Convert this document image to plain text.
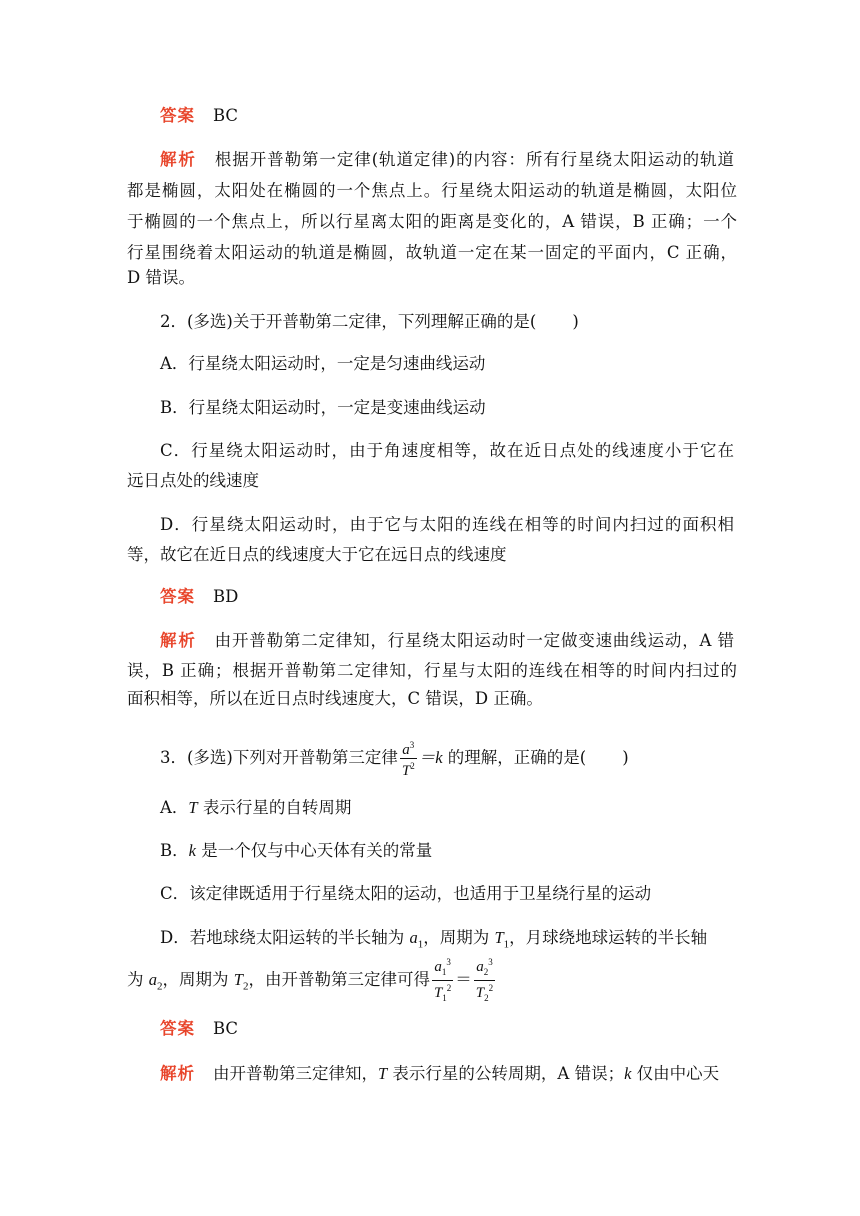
答案 BC
解析 根据开普勒第一定律(轨道定律)的内容：所有行星绕太阳运动的轨道
都是椭圆，太阳处在椭圆的一个焦点上。行星绕太阳运动的轨道是椭圆，太阳位
于椭圆的一个焦点上，所以行星离太阳的距离是变化的，A 错误，B 正确；一个
行星围绕着太阳运动的轨道是椭圆，故轨道一定在某一固定的平面内，C 正确，
D 错误。
2．(多选)关于开普勒第二定律，下列理解正确的是( )
A．行星绕太阳运动时，一定是匀速曲线运动
B．行星绕太阳运动时，一定是变速曲线运动
C．行星绕太阳运动时，由于角速度相等，故在近日点处的线速度小于它在
远日点处的线速度
D．行星绕太阳运动时，由于它与太阳的连线在相等的时间内扫过的面积相
等，故它在近日点的线速度大于它在远日点的线速度
答案 BD
解析 由开普勒第二定律知，行星绕太阳运动时一定做变速曲线运动，A 错
误，B 正确；根据开普勒第二定律知，行星与太阳的连线在相等的时间内扫过的
面积相等，所以在近日点时线速度大，C 错误，D 正确。
3．(多选)下列对开普勒第三定律 $\frac{a^3}{T^2} =k$ 的理解，正确的是( )
A．T 表示行星的自转周期
B．k 是一个仅与中心天体有关的常量
C．该定律既适用于行星绕太阳的运动，也适用于卫星绕行星的运动
D．若地球绕太阳运转的半长轴为 $a_1$，周期为 $T_1$，月球绕地球运转的半长轴
为 $a_2$，周期为 $T_2$，由开普勒第三定律可得 $\frac{a_1^3}{T_1^2} = \frac{a_2^3}{T_2^2}$
答案 BC
解析 由开普勒第三定律知，T 表示行星的公转周期，A 错误；k 仅由中心天
